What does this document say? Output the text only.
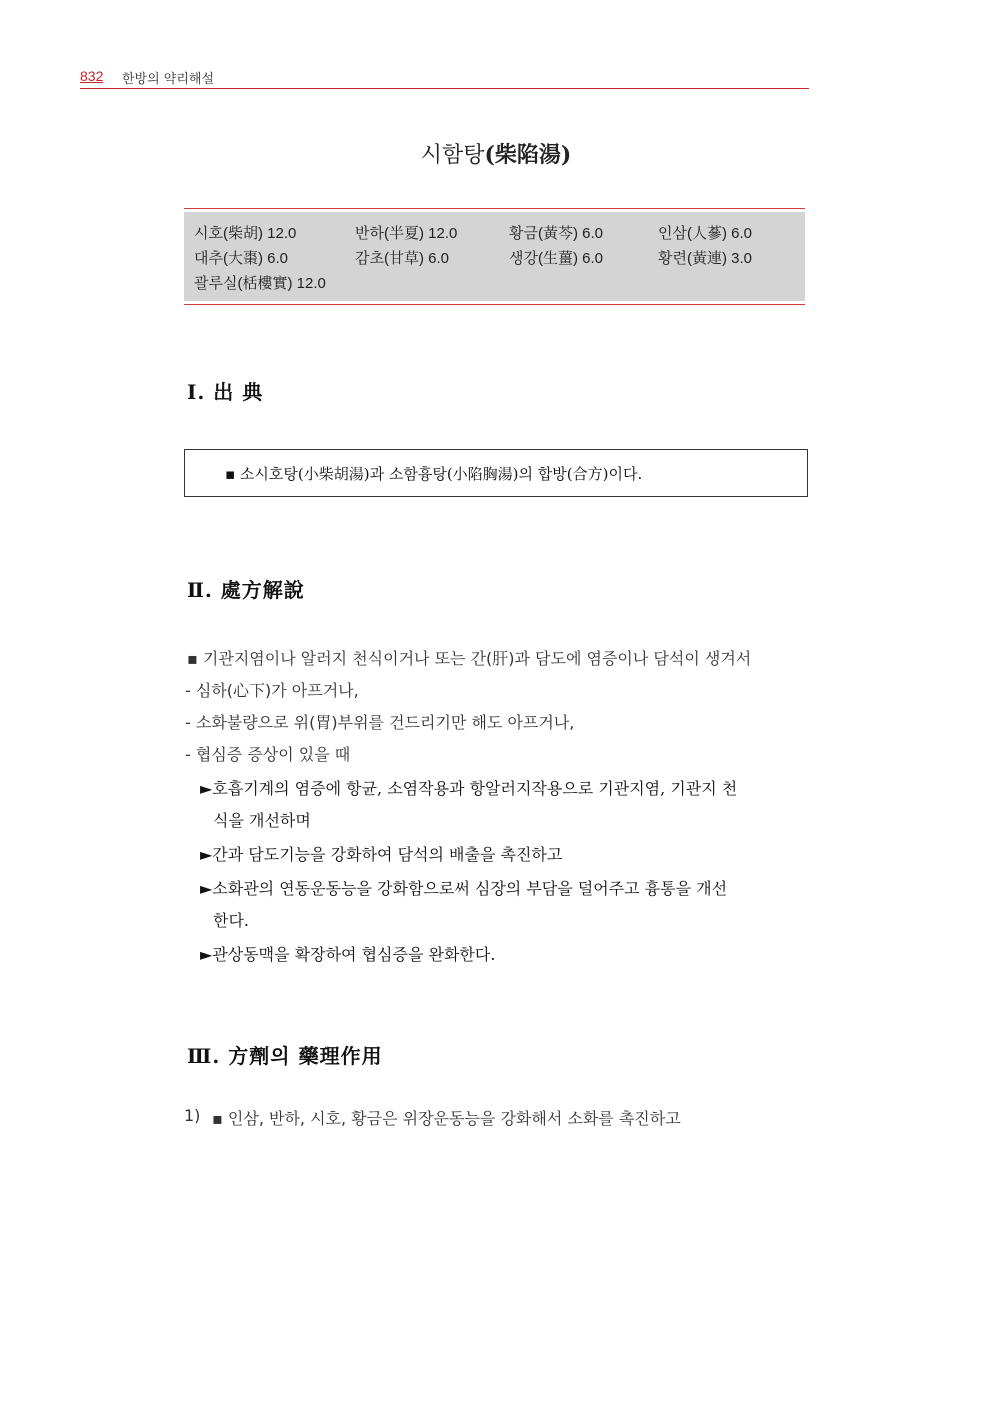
832 한방의 약리해설
시함탕(柴陷湯)
시호(柴胡) 12.0	반하(半夏) 12.0	황금(黃芩) 6.0	인삼(人蔘) 6.0
대추(大棗) 6.0	감초(甘草) 6.0	생강(生薑) 6.0	황련(黃連) 3.0
괄루실(栝樓實) 12.0
Ⅰ. 出 典
▪ 소시호탕(小柴胡湯)과 소함흉탕(小陷胸湯)의 합방(合方)이다.
Ⅱ. 處方解說
▪ 기관지염이나 알러지 천식이거나 또는 간(肝)과 담도에 염증이나 담석이 생겨서
- 심하(心下)가 아프거나,
- 소화불량으로 위(胃)부위를 건드리기만 해도 아프거나,
- 협심증 증상이 있을 때
►호흡기계의 염증에 항균, 소염작용과 항알러지작용으로 기관지염, 기관지 천
식을 개선하며
►간과 담도기능을 강화하여 담석의 배출을 촉진하고
►소화관의 연동운동능을 강화함으로써 심장의 부담을 덜어주고 흉통을 개선
한다.
►관상동맥을 확장하여 협심증을 완화한다.
Ⅲ. 方劑의 藥理作用
1) ▪ 인삼, 반하, 시호, 황금은 위장운동능을 강화해서 소화를 촉진하고
